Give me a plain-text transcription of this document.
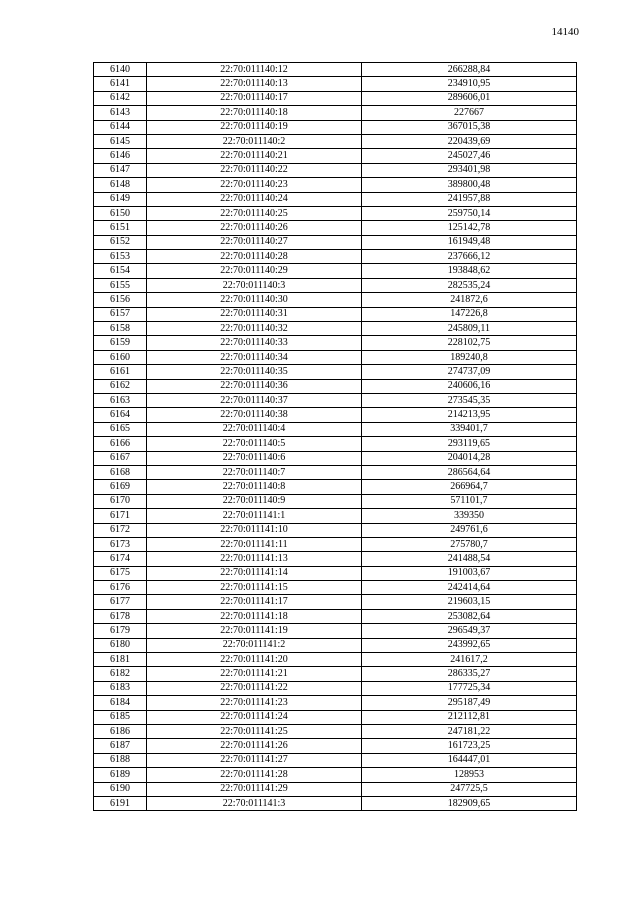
14140
6140	22:70:011140:12	266288,84
6141	22:70:011140:13	234910,95
6142	22:70:011140:17	289606,01
6143	22:70:011140:18	227667
6144	22:70:011140:19	367015,38
6145	22:70:011140:2	220439,69
6146	22:70:011140:21	245027,46
6147	22:70:011140:22	293401,98
6148	22:70:011140:23	389800,48
6149	22:70:011140:24	241957,88
6150	22:70:011140:25	259750,14
6151	22:70:011140:26	125142,78
6152	22:70:011140:27	161949,48
6153	22:70:011140:28	237666,12
6154	22:70:011140:29	193848,62
6155	22:70:011140:3	282535,24
6156	22:70:011140:30	241872,6
6157	22:70:011140:31	147226,8
6158	22:70:011140:32	245809,11
6159	22:70:011140:33	228102,75
6160	22:70:011140:34	189240,8
6161	22:70:011140:35	274737,09
6162	22:70:011140:36	240606,16
6163	22:70:011140:37	273545,35
6164	22:70:011140:38	214213,95
6165	22:70:011140:4	339401,7
6166	22:70:011140:5	293119,65
6167	22:70:011140:6	204014,28
6168	22:70:011140:7	286564,64
6169	22:70:011140:8	266964,7
6170	22:70:011140:9	571101,7
6171	22:70:011141:1	339350
6172	22:70:011141:10	249761,6
6173	22:70:011141:11	275780,7
6174	22:70:011141:13	241488,54
6175	22:70:011141:14	191003,67
6176	22:70:011141:15	242414,64
6177	22:70:011141:17	219603,15
6178	22:70:011141:18	253082,64
6179	22:70:011141:19	296549,37
6180	22:70:011141:2	243992,65
6181	22:70:011141:20	241617,2
6182	22:70:011141:21	286335,27
6183	22:70:011141:22	177725,34
6184	22:70:011141:23	295187,49
6185	22:70:011141:24	212112,81
6186	22:70:011141:25	247181,22
6187	22:70:011141:26	161723,25
6188	22:70:011141:27	164447,01
6189	22:70:011141:28	128953
6190	22:70:011141:29	247725,5
6191	22:70:011141:3	182909,65
